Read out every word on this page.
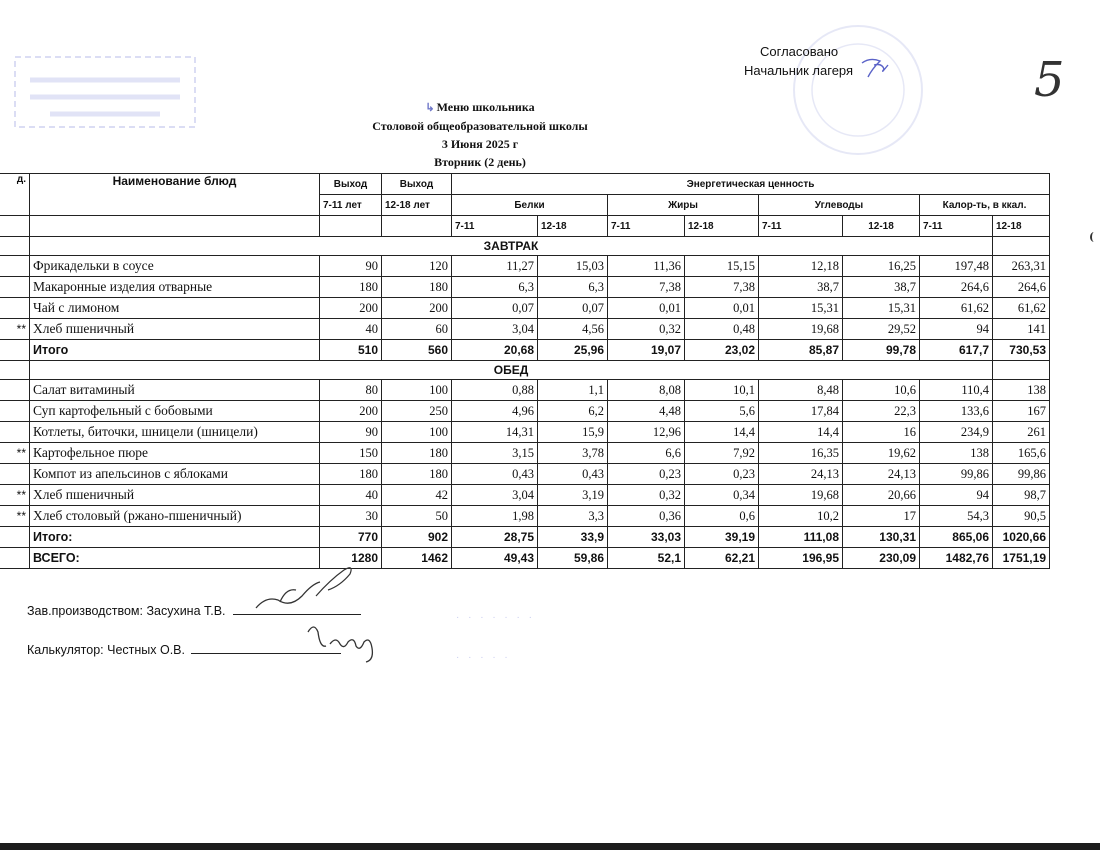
Согласовано
Начальник лагеря	5
↳ Меню школьника
Столовой общеобразовательной школы
3 Июня 2025 г
Вторник (2 день)
д.	Наименование блюд	Выход	Выход	Энергетическая ценность							
		7-11 лет	12-18 лет	Белки		Жиры		Углеводы		Калор-ть, в ккал.	
				7-11	12-18	7-11	12-18	7-11	12-18	7-11	12-18
	ЗАВТРАК										
	Фрикадельки в соусе	90	120	11,27	15,03	11,36	15,15	12,18	16,25	197,48	263,31
	Макаронные изделия отварные	180	180	6,3	6,3	7,38	7,38	38,7	38,7	264,6	264,6
	Чай с лимоном	200	200	0,07	0,07	0,01	0,01	15,31	15,31	61,62	61,62
**	Хлеб пшеничный	40	60	3,04	4,56	0,32	0,48	19,68	29,52	94	141
	Итого	510	560	20,68	25,96	19,07	23,02	85,87	99,78	617,7	730,53
	ОБЕД										
	Салат витаминый	80	100	0,88	1,1	8,08	10,1	8,48	10,6	110,4	138
	Суп картофельный с бобовыми	200	250	4,96	6,2	4,48	5,6	17,84	22,3	133,6	167
	Котлеты, биточки, шницели (шницели)	90	100	14,31	15,9	12,96	14,4	14,4	16	234,9	261
**	Картофельное пюре	150	180	3,15	3,78	6,6	7,92	16,35	19,62	138	165,6
	Компот из апельсинов с яблоками	180	180	0,43	0,43	0,23	0,23	24,13	24,13	99,86	99,86
**	Хлеб пшеничный	40	42	3,04	3,19	0,32	0,34	19,68	20,66	94	98,7
**	Хлеб столовый (ржано-пшеничный)	30	50	1,98	3,3	0,36	0,6	10,2	17	54,3	90,5
	Итого:	770	902	28,75	33,9	33,03	39,19	111,08	130,31	865,06	1020,66
	ВСЕГО:	1280	1462	49,43	59,86	52,1	62,21	196,95	230,09	1482,76	1751,19
Зав.производством: Засухина Т.В.
Калькулятор: Честных О.В.
· · · · · · ·
· · · · ·
